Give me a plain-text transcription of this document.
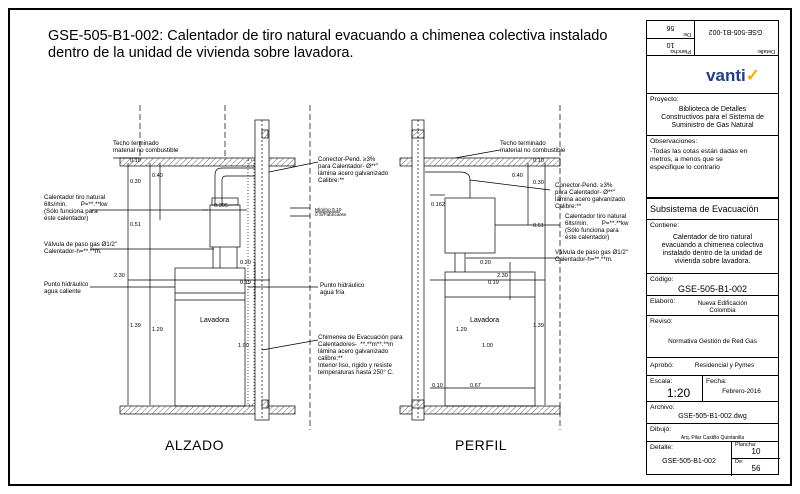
GSE-505-B1-002: Calentador de tiro natural evacuando a chimenea colectiva instalado dentro de la unidad de vivienda sobre lavadora.
Techo terminado
material no combustible
Calentador tiro natural
6lts/min.        P=**.**kw
(Sólo funciona para
éste calentador)
Válvula de paso gas Ø1/2"
Calentador-h=**.**m.
Punto hidráulico
agua caliente
Lavadora
Conector-Pend. ≥3%
para Calentador- Ø**"
lámina acero galvanizado
Calibre:**
Mínimo 0.10
ó S/Fabricante
Punto hidráulico
agua fría
Chimenea de Evacuación para
Calentadores-  **.**m**.**m
lámina acero galvanizado
calibre:**
Interior liso, rígido y resiste
temperaturas hasta 250° C.
0.10
0.30
0.40
0.305
0.51
0.20
0.19
2.30
1.39
1.29
1.00
ALZADO
Techo terminado
material no combustible
Conector-Pend. ≥3%
para Calentador- Ø**"
lámina acero galvanizado
Calibre:**
Calentador tiro natural
6lts/min.        P=**.**kw
(Sólo funciona para
éste calentador)
Válvula de paso gas Ø1/2"
Calentador-h=**.**m.
Lavadora
0.10
0.30
0.40
0.162
0.51
0.20
0.19
2.30
1.39
1.29
1.00
0.67
0.10
PERFIL
Plancha:
10
De:
56
Detalle:
GSE-505-B1-002
vanti✓
Proyecto:
Biblioteca de Detalles
Constructivos para el Sistema de
Suministro de Gas Natural
Observaciones:
-Todas las cotas están dadas en
metros, a menos que se
especifique lo contrario
Subsistema de Evacuación
Contiene:
Calentador de tiro natural
evacuando a chimenea colectiva
instalado dentro de la unidad de
vivienda sobre lavadora.
Código:
GSE-505-B1-002
Elaboró:	Nueva Edificación
Colombia
Revisó:
Normativa Gestión de Red Gas
Aprobó:	Residencial y Pymes
Escala:
1:20
Fecha:
Febrero-2016
Archivo:
GSE-505-B1-002.dwg
Dibujó:
Arq. Pilar Castillo Quintanilla
Detalle:
GSE-505-B1-002
Plancha:
10
De:
56
